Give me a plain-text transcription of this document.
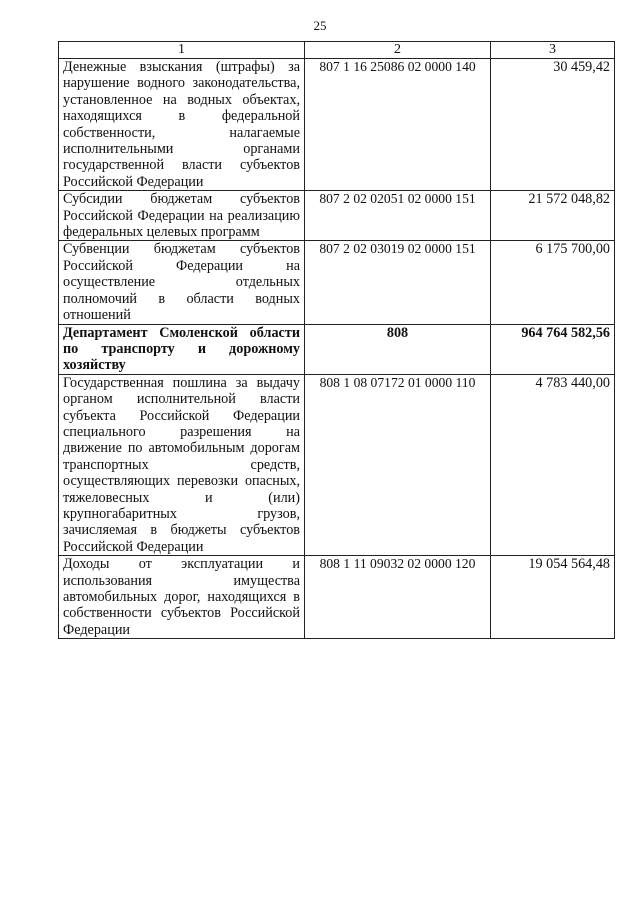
25
1	2	3
Денежные взыскания (штрафы) за нарушение водного законодательства, установленное на водных объектах, находящихся в федеральной собственности, налагаемые исполнительными органами государственной власти субъектов Российской Федерации	807 1 16 25086 02 0000 140	30 459,42
Субсидии бюджетам субъектов Российской Федерации на реализацию федеральных целевых программ	807 2 02 02051 02 0000 151	21 572 048,82
Субвенции бюджетам субъектов Российской Федерации на осуществление отдельных полномочий в области водных отношений	807 2 02 03019 02 0000 151	6 175 700,00
Департамент Смоленской области по транспорту и дорожному хозяйству	808	964 764 582,56
Государственная пошлина за выдачу органом исполнительной власти субъекта Российской Федерации специального разрешения на движение по автомобильным дорогам транспортных средств, осуществляющих перевозки опасных, тяжеловесных и (или) крупногабаритных грузов, зачисляемая в бюджеты субъектов Российской Федерации	808 1 08 07172 01 0000 110	4 783 440,00
Доходы от эксплуатации и использования имущества автомобильных дорог, находящихся в собственности субъектов Российской Федерации	808 1 11 09032 02 0000 120	19 054 564,48
